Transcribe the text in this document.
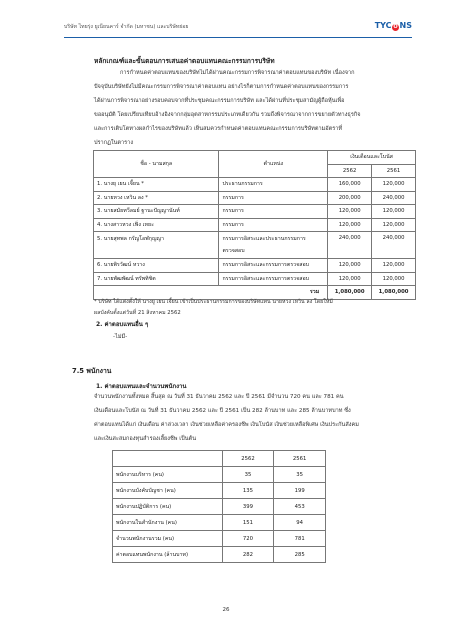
บริษัท ไทยรุ่ง ยูเนียนคาร์ จำกัด (มหาชน) และบริษัทย่อย	TYC O NS
หลักเกณฑ์และขั้นตอนการเสนอค่าตอบแทนคณะกรรมการบริษัท
การกำหนดค่าตอบแทนของบริษัทไม่ได้ผ่านคณะกรรมการพิจารณาค่าตอบแทนของบริษัท เนื่องจาก
ปัจจุบันบริษัทยังไม่มีคณะกรรมการพิจารณาค่าตอบแทน อย่างไรก็ตามการกำหนดค่าตอบแทนของกรรมการ
ได้ผ่านการพิจารณาอย่างรอบคอบจากที่ประชุมคณะกรรมการบริษัท และได้ผ่านที่ประชุมสามัญผู้ถือหุ้นเพื่อ
ขออนุมัติ โดยเปรียบเทียบอ้างอิงจากกลุ่มอุตสาหกรรมประเภทเดียวกัน รวมถึงพิจารณาจากการขยายตัวทางธุรกิจ
และการเติบโตทางผลกำไรของบริษัทแล้ว เห็นสมควรกำหนดค่าตอบแทนคณะกรรมการบริษัทตามอัตราที่
ปรากฏในตาราง
ชื่อ - นามสกุล	ตำแหน่ง	เงินเดือนและโบนัส	
		2562	2561
1. นางยุ เยน เจี้ยน *	ประธานกรรมการ	160,000	120,000
2. นายหวง เหวิน ลง *	กรรมการ	200,000	240,000
3. นายสมัยทวีลมย์ ฐานะปัญญานันท์	กรรมการ	120,000	120,000
4. นางสาวหวง เฟิ่ง เหยะ	กรรมการ	120,000	120,000
5. นายสุทพล กรัญโอฬกุญญา	กรรมการอิสระและประธานกรรมการ
ตรวจสอบ	240,000	240,000
6. นายพิรวัฒน์ หวาง	กรรมการอิสระและกรรมการตรวจสอบ	120,000	120,000
7. นายพัฒพัฒน์ ทรัพทิชิต	กรรมการอิสระและกรรมการตรวจสอบ	120,000	120,000
รวม		1,080,000	1,080,000
* บริษัท ได้แต่งตั้งให้ นางยู เยน เจี้ยน เข้าเป็นประธานกรรมการของบริษัทแทน นายหวง เหวิน ลง โดยให้มี
ผลบังคับตั้งแต่วันที่ 21 สิงหาคม 2562
2. ค่าตอบแทนอื่น ๆ
-ไม่มี-
7.5 พนักงาน
1. ค่าตอบแทนและจำนวนพนักงาน
จำนวนพนักงานทั้งหมด สิ้นสุด ณ วันที่ 31 ธันวาคม 2562 และ ปี 2561 มีจำนวน 720 คน และ 781 คน
เงินเดือนและโบนัส ณ วันที่ 31 ธันวาคม 2562 และ ปี 2561 เป็น 282 ล้านบาท และ 285 ล้านบาทบาท ซึ่ง
ค่าตอบแทนได้แก่ เงินเดือน ค่าล่วงเวลา เงินช่วยเหลือค่าครองชีพ เงินโบนัส เงินช่วยเหลือพิเศษ เงินประกันสังคม
และเงินสะสมกองทุนสำรองเลี้ยงชีพ เป็นต้น
	2562	2561
พนักงานบริหาร (คน)	35	35
พนักงานบังคับบัญชา (คน)	135	199
พนักงานปฏิบัติการ (คน)	399	453
พนักงานในสำนักงาน (คน)	151	94
จำนวนพนักงานรวม (คน)	720	781
ค่าตอบแทนพนักงาน (ล้านบาท)	282	285
26
